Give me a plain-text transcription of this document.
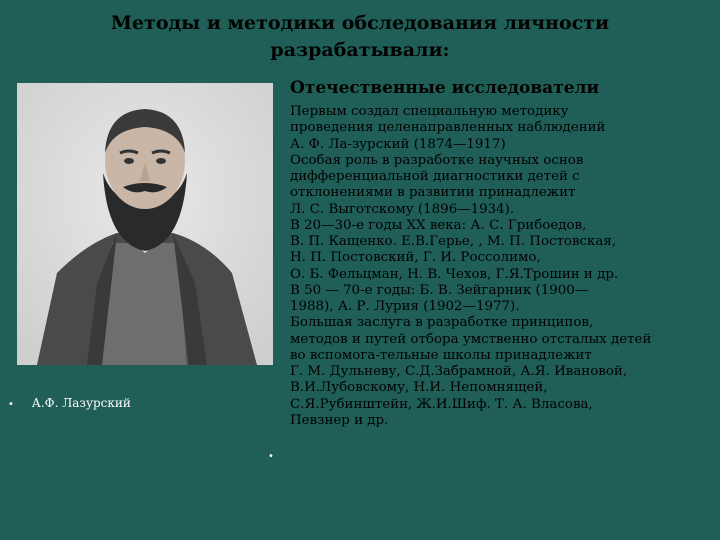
Методы и методики обследования личности
разрабатывали:
• А.Ф. Лазурский
Отечественные исследователи
•
Первым создал специальную методику
проведения целенаправленных наблюдений
А. Ф. Ла-зурский (1874—1917)
Особая роль в разработке научных основ
дифференциальной диагностики детей с
отклонениями в развитии принадлежит
Л. С. Выготскому (1896—1934).
В 20—30-е годы XX века: А. С. Грибоедов,
В. П. Кащенко. Е.В.Герье, , М. П. Постовская,
Н. П. Постовский, Г. И. Россолимо,
О. Б. Фельцман, Н. В. Чехов, Г.Я.Трошин и др.
В 50 — 70-е годы: Б. В. Зейгарник (1900—
1988), А. Р. Лурия (1902—1977).
Большая заслуга в разработке принципов,
методов и путей отбора умственно отсталых детей
во вспомога-тельные школы принадлежит
Г. М. Дульневу, С.Д.Забрамной, А.Я. Ивановой,
В.И.Лубовскому, Н.И. Непомнящей,
С.Я.Рубинштейн, Ж.И.Шиф. Т. А. Власова,
Певзнер и др.
